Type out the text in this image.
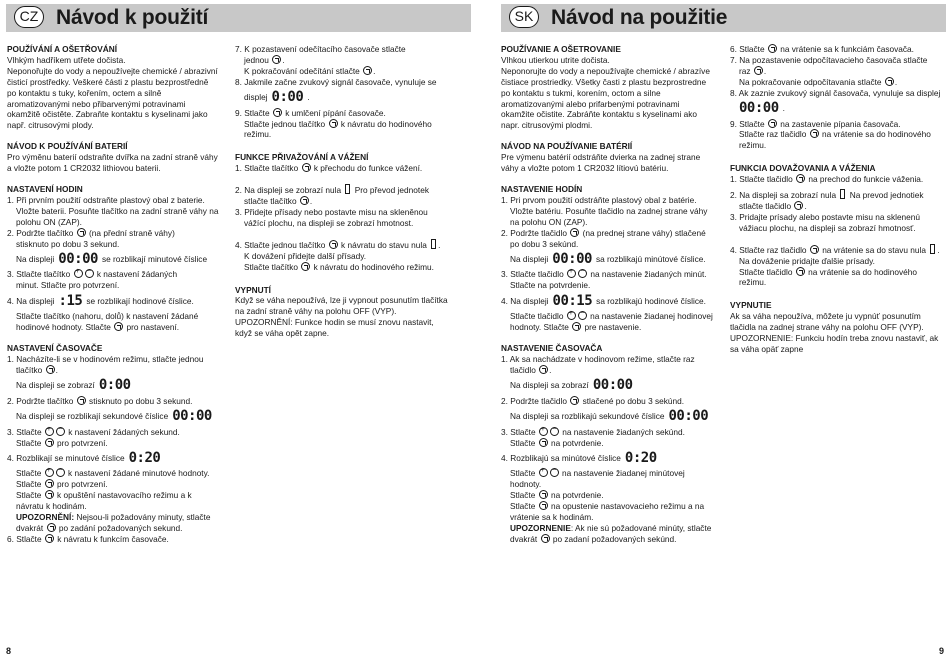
CZ Návod k použití
POUŽÍVÁNÍ A OŠETŘOVÁNÍ
Vlhkým hadříkem utřete dočista.
Neponořujte do vody a nepoužívejte chemické / abrazivní
čisticí prostředky. Veškeré části z plastu bezprostředně
po kontaktu s tuky, kořením, octem a silně
aromatizovanými nebo přibarvenými potravinami
okamžitě očistěte. Zabraňte kontaktu s kyselinami jako
např. citrusovými plody.
NÁVOD K POUŽÍVÁNÍ BATERIÍ
Pro výměnu baterií odstraňte dvířka na zadní straně váhy
a vložte potom 1 CR2032 lithiovou baterii.
NASTAVENÍ HODIN
1. Při prvním použití odstraňte plastový obal z baterie.
Vložte baterii. Posuňte tlačítko na zadní straně váhy na
polohu ON (ZAP).
2. Podržte tlačítko (na přední straně váhy)
stisknuto po dobu 3 sekund.
Na displeji 00:00 se rozblikají minutové číslice
3. Stlačte tlačítko + −	k nastavení žádaných
minut. Stlačte pro potvrzení.
4. Na displeji :15 se rozblikají hodinové číslice.
Stlačte tlačítko (nahoru, dolů) k nastavení žádané
hodinové hodnoty. Stlačte pro nastavení.
NASTAVENÍ ČASOVAČE
1. Nacházíte-li se v hodinovém režimu, stlačte jednou
tlačítko .
Na displeji se zobrazí 0:00
2. Podržte tlačítko stisknuto po dobu 3 sekund.
Na displeji se rozblikají sekundové číslice 00:00
3. Stlačte + −	k nastavení žádaných sekund.
Stlačte pro potvrzení.
4. Rozblikají se minutové číslice 0:20
Stlačte + −	k nastavení žádané minutové hodnoty.
Stlačte pro potvrzení.
Stlačte k opuštění nastavovacího režimu a k
návratu k hodinám.
UPOZORNĚNÍ: Nejsou-li požadovány minuty, stlačte
dvakrát po zadání požadovaných sekund.
6. Stlačte k návratu k funkcím časovače.
7. K pozastavení odečítacího časovače stlačte
jednou .
K pokračování odečítání stlačte .
8. Jakmile začne zvukový signál časovače, vynuluje se
displej 0:00 .
9. Stlačte k umlčení pípání časovače.
Stlačte jednou tlačítko k návratu do hodinového
režimu.
FUNKCE PŘIVAŽOVÁNÍ A VÁŽENÍ
1. Stlačte tlačítko k přechodu do funkce vážení.
2. Na displeji se zobrazí nula Pro převod jednotek
stlačte tlačítko .
3. Přidejte přísady nebo postavte misu na skleněnou
vážící plochu, na displeji se zobrazí hmotnost.
4. Stlačte jednou tlačítko k návratu do stavu nula .
K dovážení přidejte další přísady.
Stlačte tlačítko k návratu do hodinového režimu.
VYPNUTÍ
Když se váha nepoužívá, lze ji vypnout posunutím tlačítka
na zadní straně váhy na polohu OFF (VYP).
UPOZORNĚNÍ: Funkce hodin se musí znovu nastavit,
když se váha opět zapne.
8
SK Návod na použitie
POUŽÍVANIE A OŠETROVANIE
Vlhkou utierkou utrite dočista.
Neponorujte do vody a nepoužívajte chemické / abrazíve
čistiace prostriedky. Všetky časti z plastu bezprostredne
po kontaktu s tukmi, korením, octom a silne
aromatizovanými alebo prifarbenými potravinami
okamžite očistite. Zabráňte kontaktu s kyselinami ako
napr. citrusovými plodmi.
NÁVOD NA POUŽÍVANIE BATÉRIÍ
Pre výmenu batérií odstráňte dvierka na zadnej strane
váhy a vložte potom 1 CR2032 lítiovú batériu.
NASTAVENIE HODÍN
1. Pri prvom použití odstráňte plastový obal z batérie.
Vložte batériu. Posuňte tlačidlo na zadnej strane váhy
na polohu ON (ZAP).
2. Podržte tlačidlo (na prednej strane váhy) stlačené
po dobu 3 sekúnd.
Na displeji 00:00 sa rozblikajú minútové číslice.
3. Stlačte tlačidlo + −	na nastavenie žiadaných minút.
Stlačte na potvrdenie.
4. Na displeji 00:15 sa rozblikajú hodinové číslice.
Stlačte tlačidlo + −	na nastavenie žiadanej hodinovej
hodnoty. Stlačte pre nastavenie.
NASTAVENIE ČASOVAČA
1. Ak sa nachádzate v hodinovom režime, stlačte raz
tlačidlo .
Na displeji sa zobrazí 00:00
2. Podržte tlačidlo stlačené po dobu 3 sekúnd.
Na displeji sa rozblikajú sekundové číslice 00:00
3. Stlačte + −	na nastavenie žiadaných sekúnd.
Stlačte na potvrdenie.
4. Rozblikajú sa minútové číslice 0:20
Stlačte + −	na nastavenie žiadanej minútovej
hodnoty.
Stlačte na potvrdenie.
Stlačte na opustenie nastavovacieho režimu a na
vrátenie sa k hodinám.
UPOZORNENIE: Ak nie sú požadované minúty, stlačte
dvakrát po zadaní požadovaných sekúnd.
6. Stlačte na vrátenie sa k funkciám časovača.
7. Na pozastavenie odpočítavacieho časovača stlačte
raz .
Na pokračovanie odpočítavania stlačte .
8. Ak zaznie zvukový signál časovača, vynuluje sa displej
00:00 .
9. Stlačte na zastavenie pípania časovača.
Stlačte raz tlačidlo na vrátenie sa do hodinového
režimu.
FUNKCIA DOVAŽOVANIA A VÁŽENIA
1. Stlačte tlačidlo na prechod do funkcie váženia.
2. Na displeji sa zobrazí nula Na prevod jednotiek
stlačte tlačidlo .
3. Pridajte prísady alebo postavte misu na sklenenú
vážiacu plochu, na displeji sa zobrazí hmotnosť.
4. Stlačte raz tlačidlo na vrátenie sa do stavu nula .
Na dováženie pridajte ďalšie prísady.
Stlačte tlačidlo na vrátenie sa do hodinového
režimu.
VYPNUTIE
Ak sa váha nepoužíva, môžete ju vypnúť posunutím
tlačidla na zadnej strane váhy na polohu OFF (VYP).
UPOZORNENIE: Funkciu hodín treba znovu nastaviť, ak
sa váha opäť zapne
9
